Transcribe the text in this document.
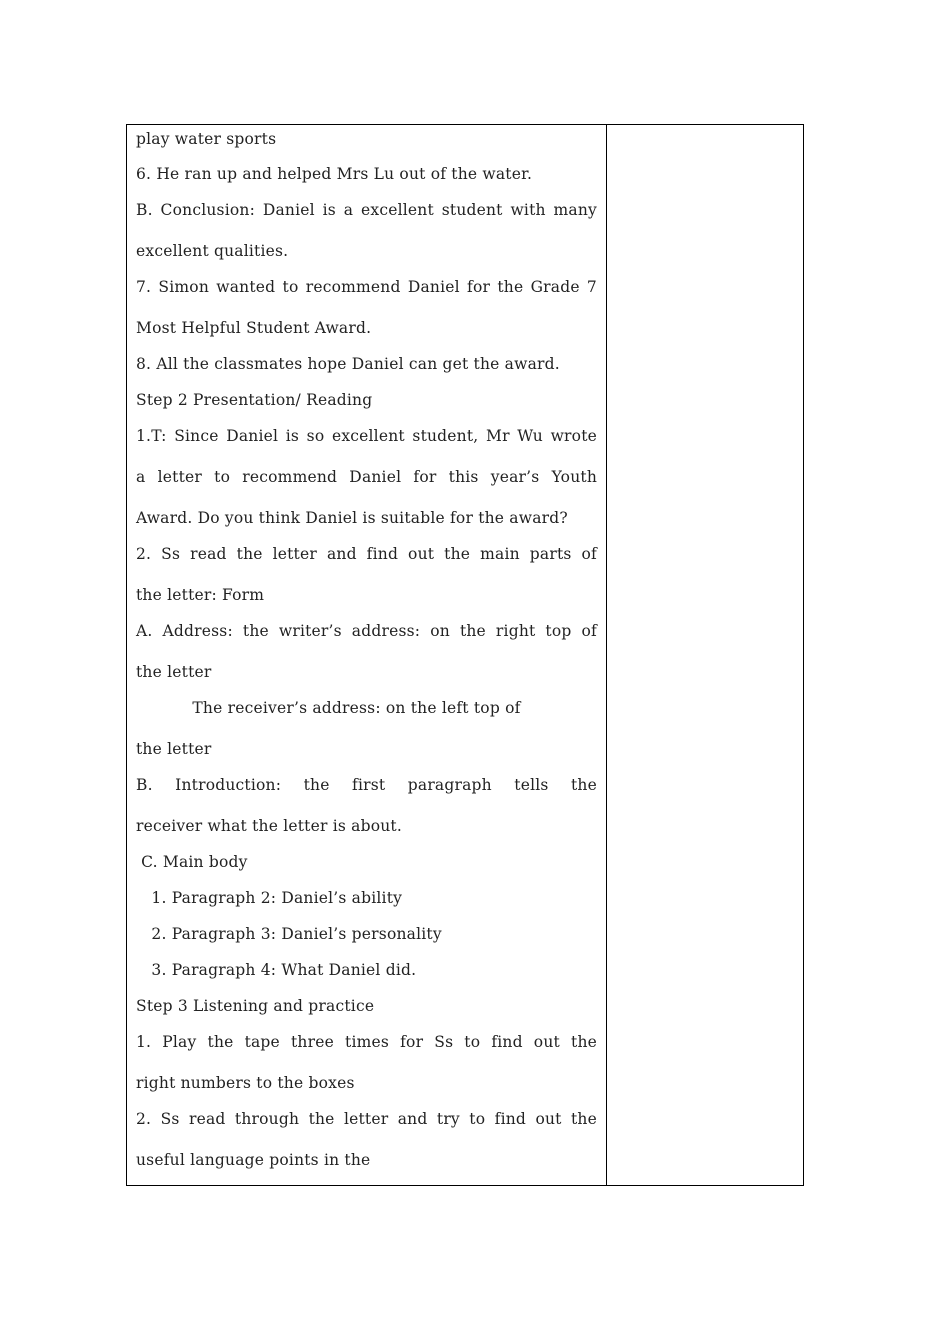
play water sports
6. He ran up and helped Mrs Lu out of the water.
B. Conclusion: Daniel is a excellent student with many
excellent qualities.
7. Simon wanted to recommend Daniel for the Grade 7
Most Helpful Student Award.
8. All the classmates hope Daniel can get the award.
Step 2 Presentation/ Reading
1.T: Since Daniel is so excellent student, Mr Wu wrote
a letter to recommend Daniel for this year’s Youth
Award. Do you think Daniel is suitable for the award?
2. Ss read the letter and find out the main parts of
the letter: Form
A. Address: the writer’s address: on the right top of
the letter
The receiver’s address: on the left top of
the letter
B. Introduction: the first paragraph tells the
receiver what the letter is about.
C. Main body
1. Paragraph 2: Daniel’s ability
2. Paragraph 3: Daniel’s personality
3. Paragraph 4: What Daniel did.
Step 3 Listening and practice
1. Play the tape three times for Ss to find out the
right numbers to the boxes
2. Ss read through the letter and try to find out the
useful language points in the
